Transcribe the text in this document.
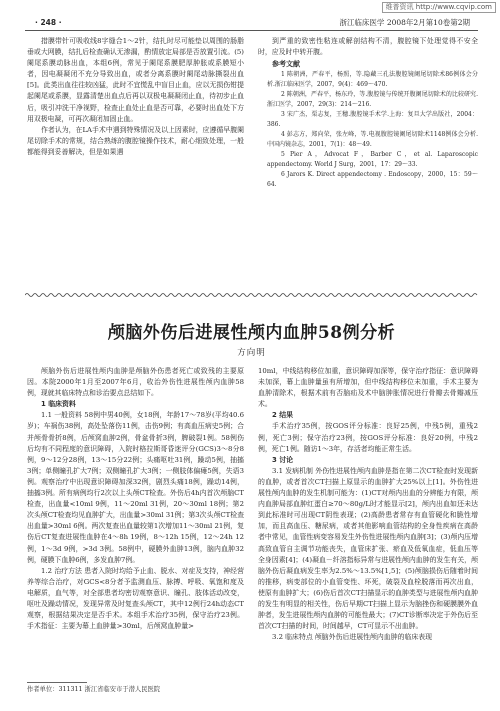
维普资讯 http://www.cqvip.com
· 248 ·	浙江临床医学 2008年2月第10卷第2期

措膜带针可吸收线8字缝合1～2针，结扎时尽可能垫以周围的肠脂垂或大网膜，结扎后检查确认无渗漏，酌情放定局部是否放置引流。(5)阑尾系膜动脉出血，本组6例，常见于阑尾系膜肥厚肿胀或系膜短小者，因电凝凝闭不充分导致出血，或者分离系膜时阑尾动脉撕裂出血[5]。此类出血往往较凶猛，此时不宜慌乱中盲目止血，应以无损伤钳提起阑尾或系膜，显露清楚出血点后再以双极电凝凝闭止血，待初步止血后，吸引冲洗干净视野，检查止血处止血是否可靠，必要时出血处下方用双极电凝，可再次凝闭加固止血。

作者认为，在LA手术中遇到特殊情况及以上因素时，应遵循早腹阑尾切除手术的常规，结合熟练的腹腔镜操作技术，耐心细致处理，一般都能得到妥善解决，但是如果遇

到严重的致密性粘连或解剖结构不清，腹腔镜下处理觉得不安全时，应及时中转开腹。

参考文献

1 陈朝洲，严春平，杨照，等.隐藏三孔法腹腔镜阑尾切除术86例体会分析.浙江临床医学，2007，9(4)：469～470.

2 陈朝洲，严春平，杨东玲，等.腹腔镜与传统开腹阑尾切除术的比较研究.浙江医学，2007，29(3)：214～216.

3 宋广杰，栗志复，王穗.腹腔镜手术学.上海：复旦大学出版社，2004：386.

4 彭志方，郑向荣，张左峰，等.电视腹腔镜阑尾切除术1148例体会分析.中国内镜杂志，2001，7(1)：48～49.

5 Pier A，Advocat F，Barber C，et al. Laparoscopic appendectomy. World J Surg，2001，17：29～33.

6 Jarors K. Direct appendectomy . Endoscopy，2000，15：59～64.

颅脑外伤后进展性颅内血肿58例分析
方向明

颅脑外伤后进展性颅内血肿是颅脑外伤患者死亡或致残的主要原因。本院2000年1月至2007年6月，收治外伤性进展性颅内血肿58例，现就其临床特点和诊治要点总结如下。

1 临床资料

1.1 一般资料 58例中男40例，女18例，年龄17～78岁(平均40.6岁)；车祸伤38例，高处坠落伤11例，击伤9例；有高血压病史5例；合并颅骨骨折8例，后颅窝血肿2例，骨盆骨折3例，脾破裂1例。58例伤后均有不同程度的意识障碍，入院时格拉斯哥昏迷评分(GCS)3～8分8例，9～12分28例，13～15分22例；头痛呕吐31例，躁动5例，抽搐3例；单侧瞳孔扩大7例；双侧瞳孔扩大3例；一侧肢体偏瘫5例，失语3例。观察治疗中出现意识障碍加深32例，剧烈头痛18例，躁动14例，抽搐3例。所有病例均行2次以上头颅CT检查。外伤后4h内首次颅脑CT检查，出血量<10ml 9例，11～20ml 31例，20～30ml 18例；第2次头颅CT检查均见血肿扩大，出血量>30ml 31例；第3次头颅CT检查出血量>30ml 6例。两次复查出血量较第1次增加11～30ml 21例，复伤后CT复查进展性血肿在4～8h 19例，8～12h 15例，12～24h 12例，1～3d 9例，>3d 3例。58例中，硬膜外血肿13例，脑内血肿32例，硬膜下血肿6例，多发血肿7例。

1.2 治疗方法 患者入院时均给予止血、脱水、对症及支持，神经营养等综合治疗，对GCS<8分者予监测血压、脉搏、呼吸、氧饱和度及电解质，血气等，对全部患者均密切观察意识、瞳孔、肢体活动改变，呕吐及躁动情况，发现异常及时复查头颅CT，其中12例行24h动态CT观察，根据结果决定是否手术。本组手术治疗35例，保守治疗23例。手术指征：主要为幕上血肿量>30ml，后颅窝血肿量>

10ml，中线结构移位加重，意识障碍加深等，保守治疗指征：意识障碍未加深，幕上血肿量虽有所增加，但中线结构移位未加重，手术主要为血肿清除术，根据术前有否脑疝及术中脑肿胀情况进行骨瓣去骨瓣减压术。

2 结果

手术治疗35例，按GOS评分标准：良好25例，中残5例，重残2例，死亡3例；保守治疗23例，按GOS评分标准：良好20例，中残2例，死亡1例。随访1～3年，存活者均能正常生活。

3 讨论

3.1 发病机制 外伤性进展性颅内血肿是指在第二次CT检查时发现新的血肿，或者首次CT扫描上原显示的血肿扩大25%以上[1]。外伤性进展性颅内血肿的发生机制可能为：(1)CT对颅内出血的分辨能力有限，颅内血肿局部血肿红蛋白≥70～80g/L时才能显示[2]，颅内出血如还未达到此标准时可出现CT阴性表现；(2)高龄患者常存有血管硬化和脆性增加，而且高血压、糖尿病，或者其他影响血管结构的全身性疾病在高龄者中常见，血管性病变容易发生外伤性进展性颅内血肿[3]；(3)颅内压增高致血管自主调节功能丧失，血管床扩张、瘀血及低氧血症，低血压等全身因素[4]；(4)凝血－纤溶指标异常与进展性颅内血肿的发生有关，颅脑外伤后凝血病发生率为2.5%～13.5%[1,5]；(5)颅脑损伤后随着时间的推移，病变部位的小血管变性、坏死，破裂及血栓脱落而再次出血，使原有血肿扩大；(6)伤后首次CT扫描显示的血肿类型与进展性颅内血肿的发生有明显的相关性，伤后早期CT扫描上显示为脑挫伤和硬膜膜外血肿者，发生进展性颅内血肿的可能性最大；(7)CT诊断率决定于外伤后至首次CT扫描的时间，时间越早，CT可显示不出血肿。

3.2 临床特点 颅脑外伤后进展性颅内血肿的临床表现

作者单位：311311 浙江省临安市于潜人民医院
